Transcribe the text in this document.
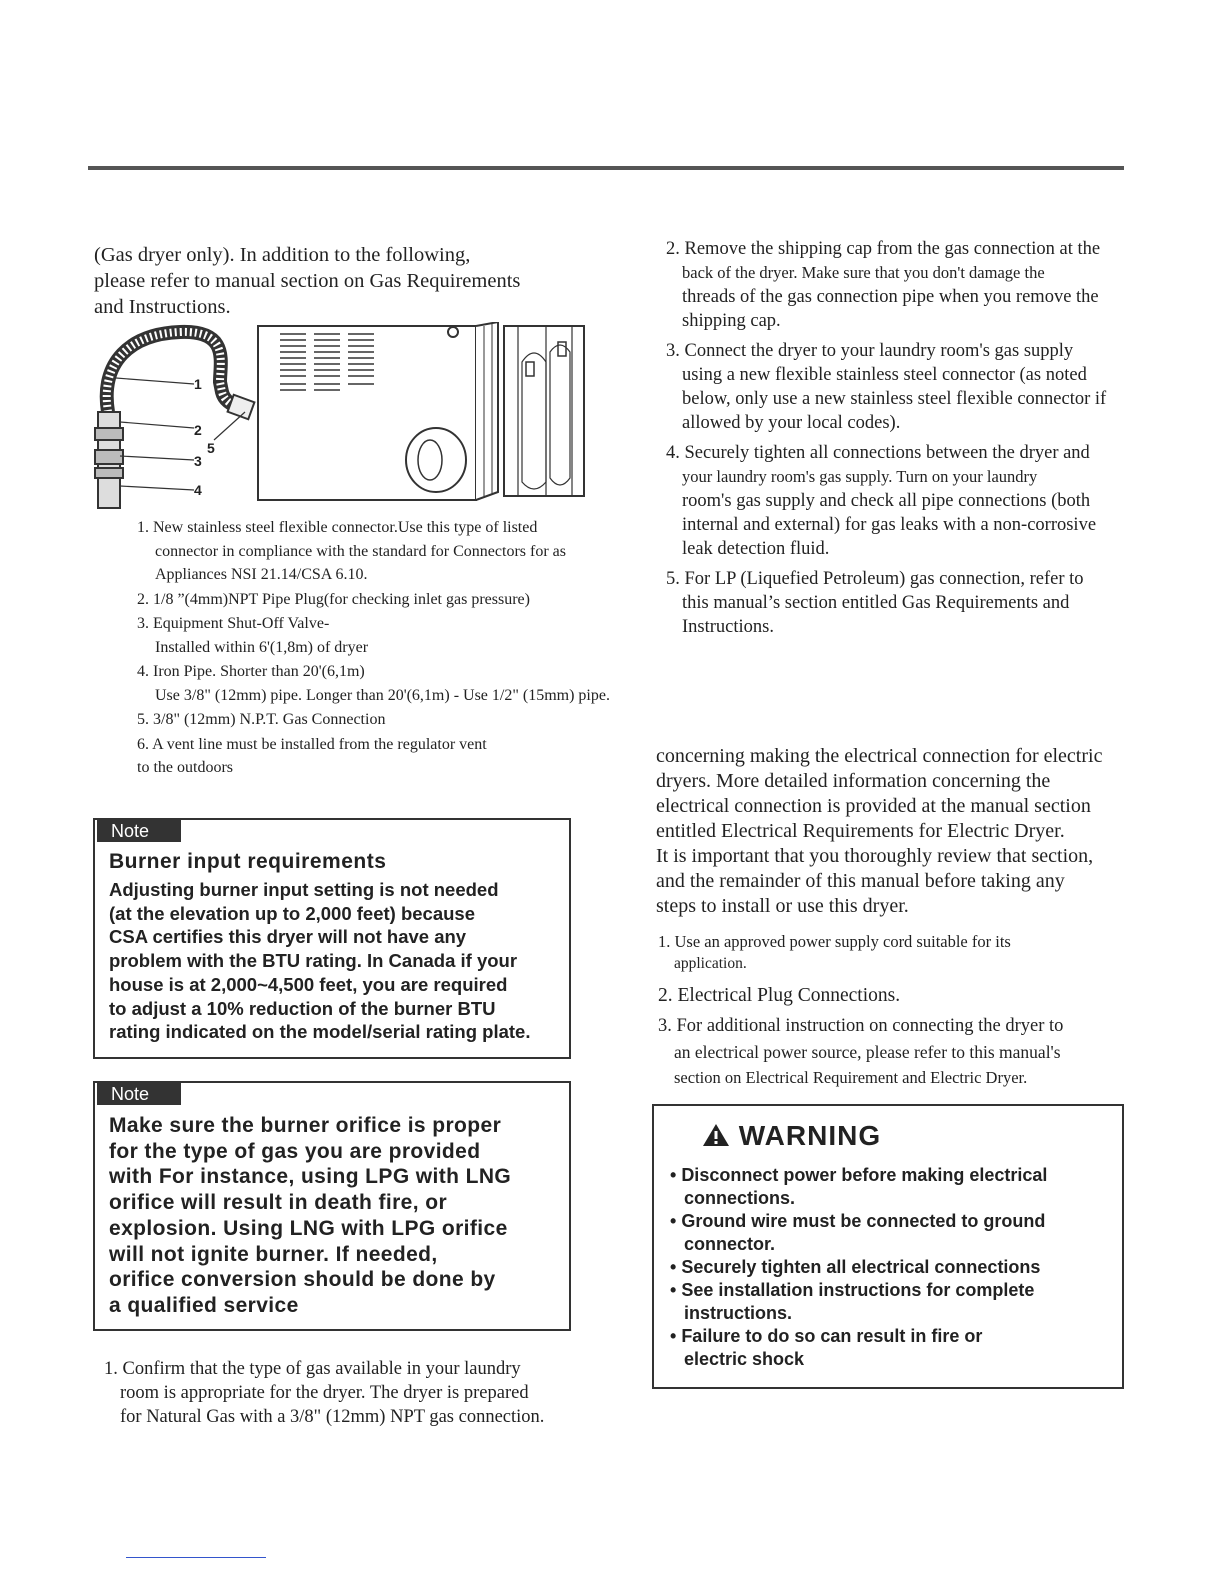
(Gas dryer only). In addition to the following,
please refer to manual section on Gas Requirements
and Instructions.
1
2
3
4
5
1. New stainless steel flexible connector.Use this type of listed
connector in compliance with the standard for Connectors for as
Appliances NSI 21.14/CSA 6.10.
2. 1/8 ”(4mm)NPT Pipe Plug(for checking inlet gas pressure)
3. Equipment Shut-Off Valve-
Installed within 6'(1,8m) of dryer
4. Iron Pipe. Shorter than 20'(6,1m)
Use 3/8" (12mm) pipe. Longer than 20'(6,1m) - Use 1/2" (15mm) pipe.
5. 3/8" (12mm) N.P.T. Gas Connection
6. A vent line must be installed from the regulator vent
to the outdoors
Note
Burner input requirements
Adjusting burner input setting is not needed
(at the elevation up to 2,000 feet) because
CSA certifies this dryer will not have any
problem with the BTU rating. In Canada if your
house is at 2,000~4,500 feet, you are required
to adjust a 10% reduction of the burner BTU
rating indicated on the model/serial rating plate.
Note
Make sure the burner orifice is proper
for the type of gas you are provided
with For instance, using LPG with LNG
orifice will result in death fire, or
explosion. Using LNG with LPG orifice
will not ignite burner. If needed,
orifice conversion should be done by
a qualified service
1. Confirm that the type of gas available in your laundry
room is appropriate for the dryer. The dryer is prepared
for Natural Gas with a 3/8" (12mm) NPT gas connection.
2. Remove the shipping cap from the gas connection at the
back of the dryer. Make sure that you don't damage the
threads of the gas connection pipe when you remove the
shipping cap.
3. Connect the dryer to your laundry room's gas supply
using a new flexible stainless steel connector (as noted
below, only use a new stainless steel flexible connector if
allowed by your local codes).
4. Securely tighten all connections between the dryer and
your laundry room's gas supply. Turn on your laundry
room's gas supply and check all pipe connections (both
internal and external) for gas leaks with a non-corrosive
leak detection fluid.
5. For LP (Liquefied Petroleum) gas connection, refer to
this manual’s section entitled Gas Requirements and
Instructions.
concerning making the electrical connection for electric
dryers. More detailed information concerning the
electrical connection is provided at the manual section
entitled Electrical Requirements for Electric Dryer.
It is important that you thoroughly review that section,
and the remainder of this manual before taking any
steps to install or use this dryer.
1. Use an approved power supply cord suitable for its
application.
2. Electrical Plug Connections.
3. For additional instruction on connecting the dryer to
an electrical power source, please refer to this manual's
section on Electrical Requirement and Electric Dryer.
WARNING
• Disconnect power before making electrical
connections.
• Ground wire must be connected to ground
connector.
• Securely tighten all electrical connections
• See installation instructions for complete
instructions.
• Failure to do so can result in fire or
electric shock
